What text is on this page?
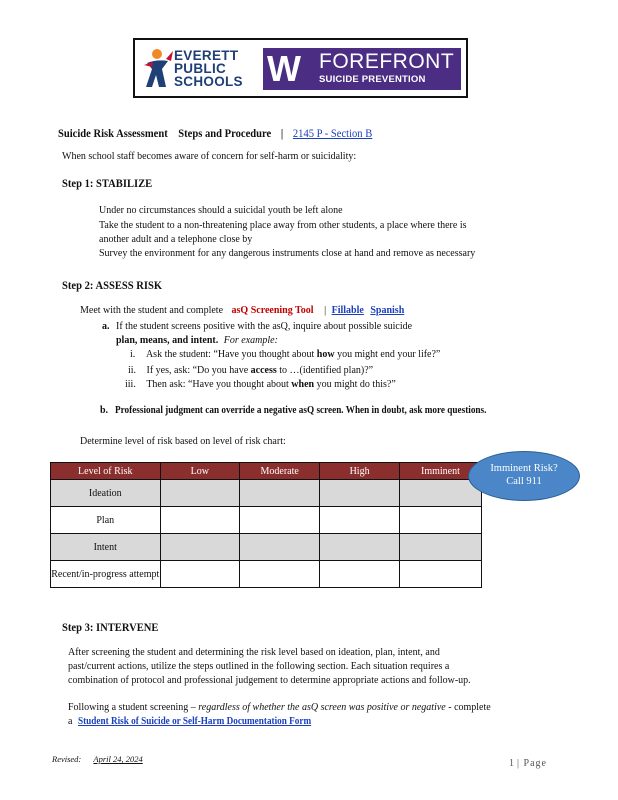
EVERETT
PUBLIC
SCHOOLS W FOREFRONT
SUICIDE PREVENTION
Suicide Risk Assessment    Steps and Procedure | 2145 P - Section B
When school staff becomes aware of concern for self-harm or suicidality:
Step 1: STABILIZE
Under no circumstances should a suicidal youth be left alone
Take the student to a non-threatening place away from other students, a place where there is
another adult and a telephone close by
Survey the environment for any dangerous instruments close at hand and remove as necessary
Step 2: ASSESS RISK
Meet with the student and complete asQ Screening Tool | Fillable Spanish
a. If the student screens positive with the asQ, inquire about possible suicide
plan, means, and intent. For example:
i. Ask the student: “Have you thought about how you might end your life?”
ii. If yes, ask: “Do you have access to …(identified plan)?”
iii. Then ask: “Have you thought about when you might do this?”
b. Professional judgment can override a negative asQ screen. When in doubt, ask more questions.
Determine level of risk based on level of risk chart:
Level of Risk	Low	Moderate	High	Imminent
Ideation				
Plan				
Intent				
Recent/in-progress attempt				
Imminent Risk?
Call 911
Step 3: INTERVENE
After screening the student and determining the risk level based on ideation, plan, intent, and
past/current actions, utilize the steps outlined in the following section. Each situation requires a
combination of protocol and professional judgement to determine appropriate actions and follow-up.
Following a student screening – regardless of whether the asQ screen was positive or negative - complete
a Student Risk of Suicide or Self-Harm Documentation Form
Revised: April 24, 2024	1 | Page
